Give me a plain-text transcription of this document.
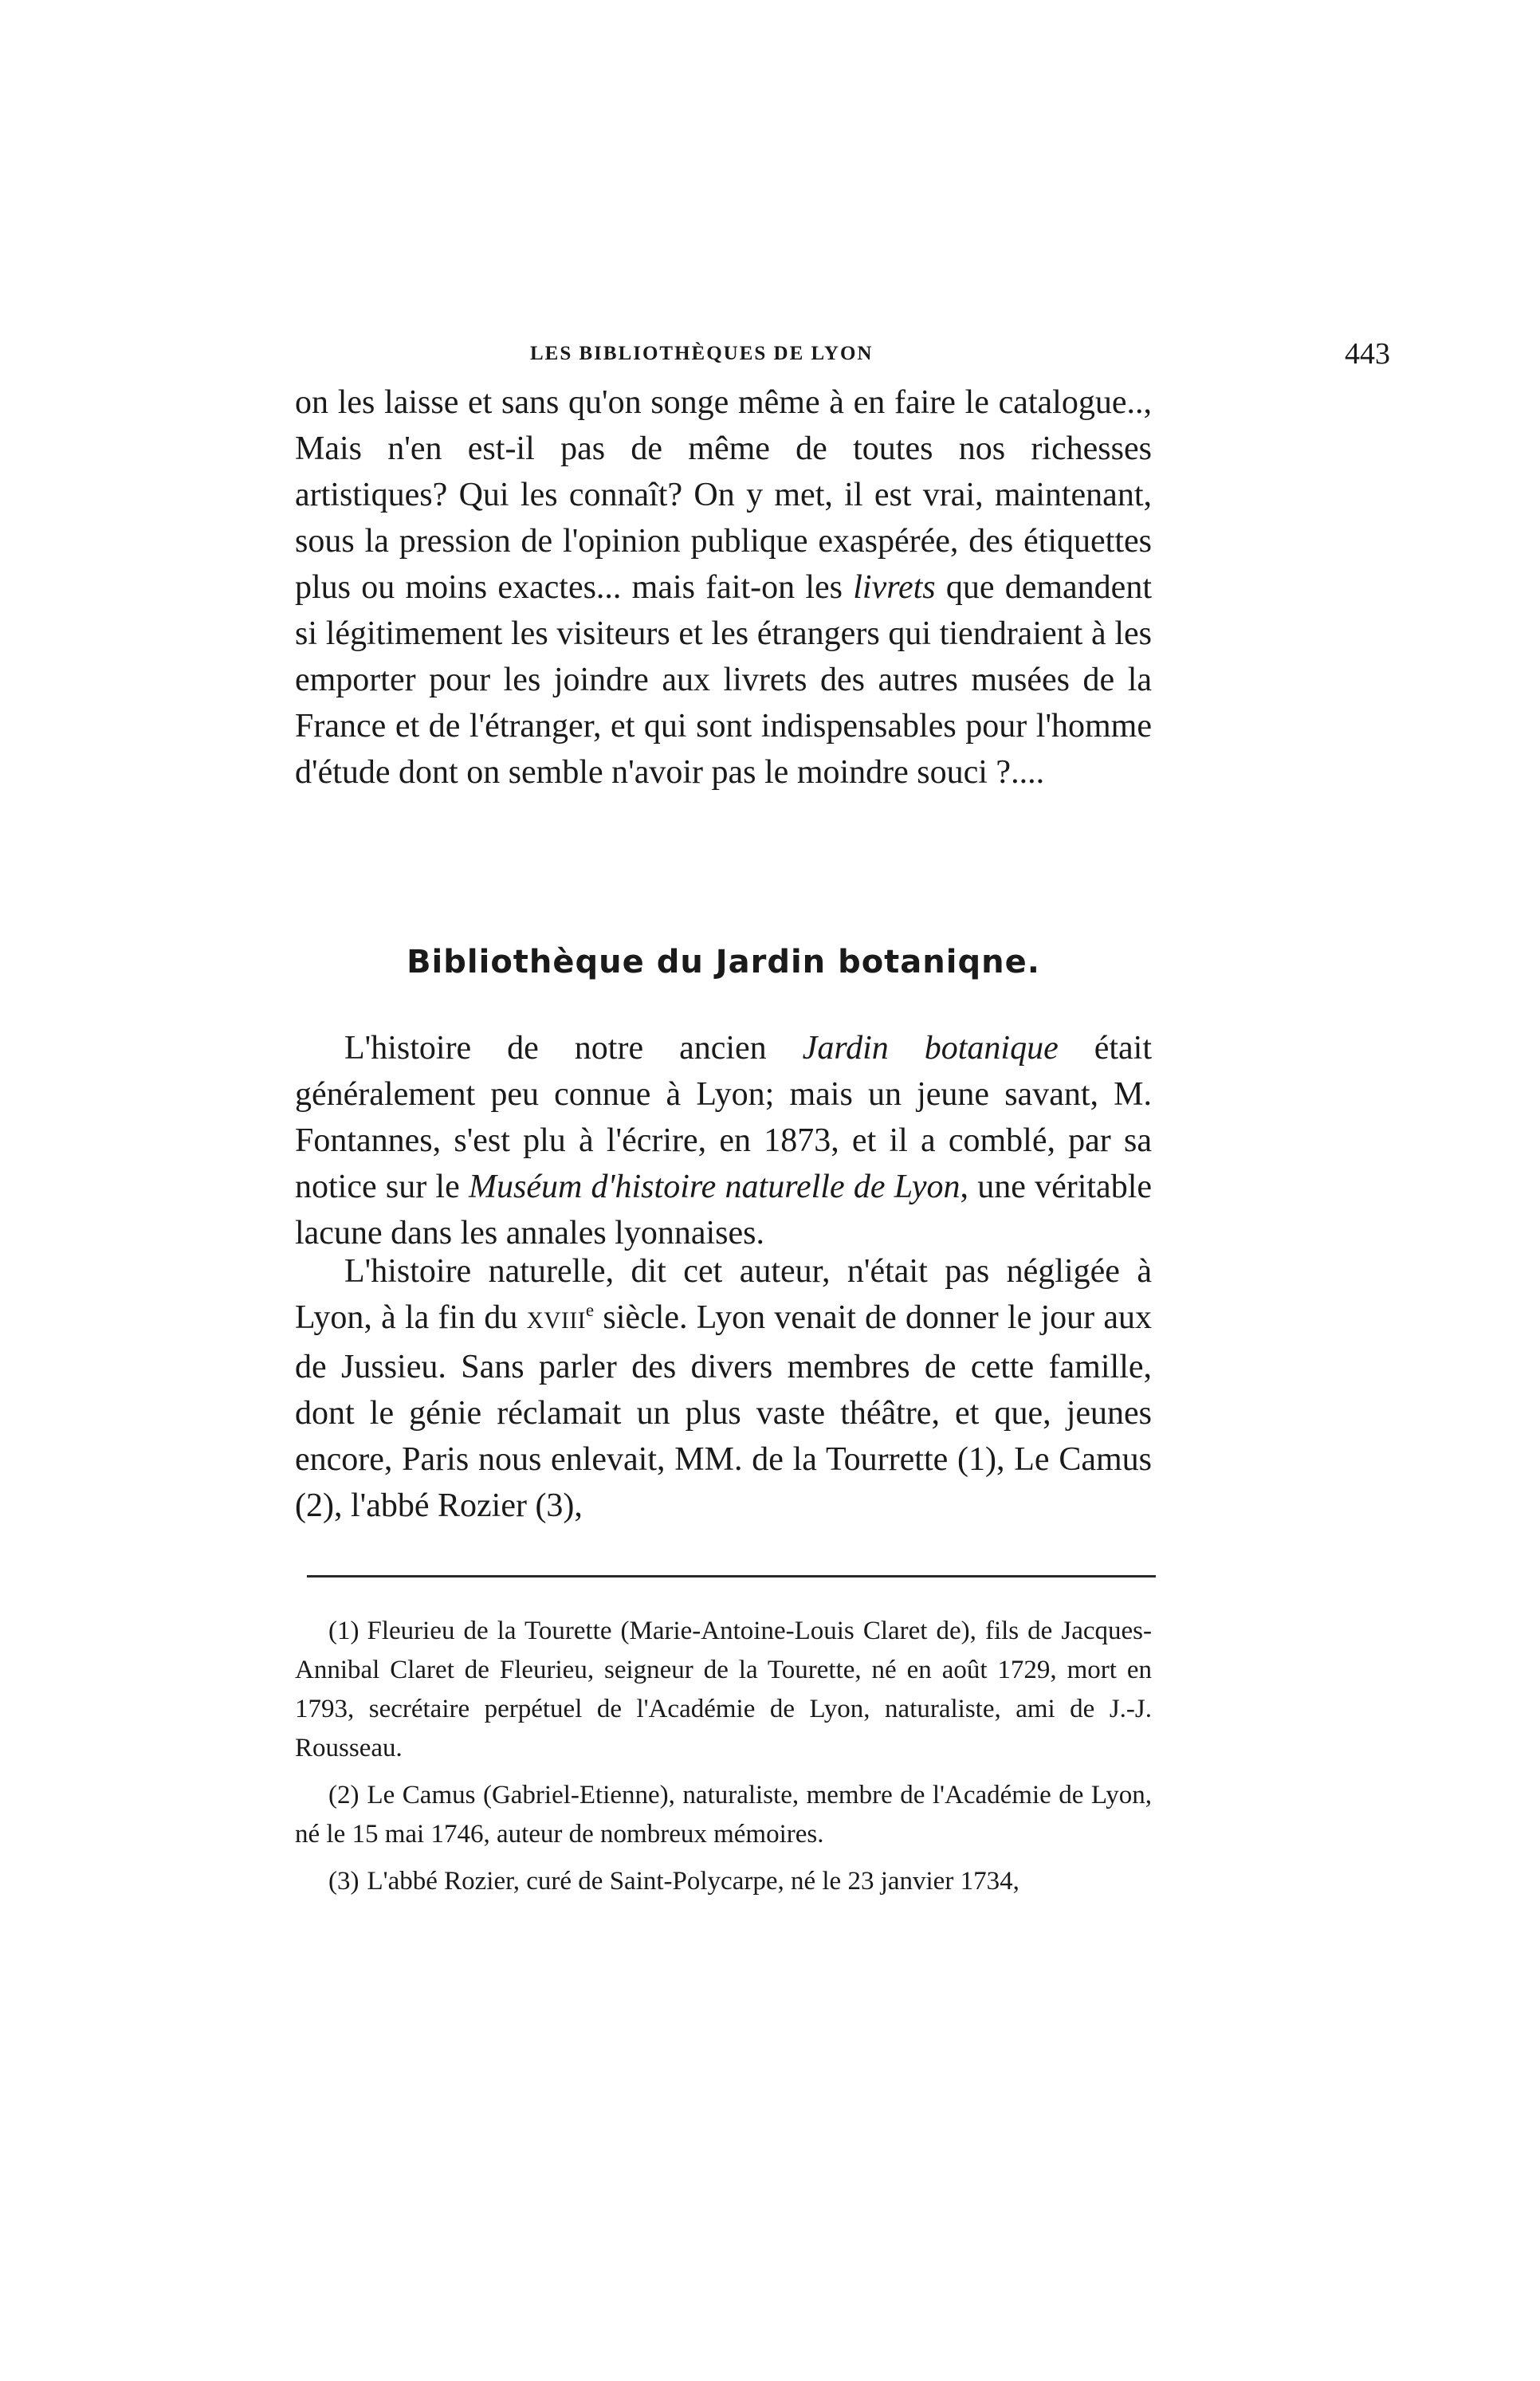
LES BIBLIOTHÈQUES DE LYON	443
on les laisse et sans qu'on songe même à en faire le catalogue.., Mais n'en est-il pas de même de toutes nos richesses artistiques? Qui les connaît? On y met, il est vrai, maintenant, sous la pression de l'opinion publique exaspérée, des étiquettes plus ou moins exactes... mais fait-on les livrets que demandent si légitimement les visiteurs et les étrangers qui tiendraient à les emporter pour les joindre aux livrets des autres musées de la France et de l'étranger, et qui sont indispensables pour l'homme d'étude dont on semble n'avoir pas le moindre souci ?....
Bibliothèque du Jardin botaniqne.
L'histoire de notre ancien Jardin botanique était généralement peu connue à Lyon; mais un jeune savant, M. Fontannes, s'est plu à l'écrire, en 1873, et il a comblé, par sa notice sur le Muséum d'histoire naturelle de Lyon, une véritable lacune dans les annales lyonnaises.
L'histoire naturelle, dit cet auteur, n'était pas négligée à Lyon, à la fin du XVIIIe siècle. Lyon venait de donner le jour aux de Jussieu. Sans parler des divers membres de cette famille, dont le génie réclamait un plus vaste théâtre, et que, jeunes encore, Paris nous enlevait, MM. de la Tourrette (1), Le Camus (2), l'abbé Rozier (3),

(1) Fleurieu de la Tourette (Marie-Antoine-Louis Claret de), fils de Jacques-Annibal Claret de Fleurieu, seigneur de la Tourette, né en août 1729, mort en 1793, secrétaire perpétuel de l'Académie de Lyon, naturaliste, ami de J.-J. Rousseau.

(2) Le Camus (Gabriel-Etienne), naturaliste, membre de l'Académie de Lyon, né le 15 mai 1746, auteur de nombreux mémoires.

(3) L'abbé Rozier, curé de Saint-Polycarpe, né le 23 janvier 1734,
